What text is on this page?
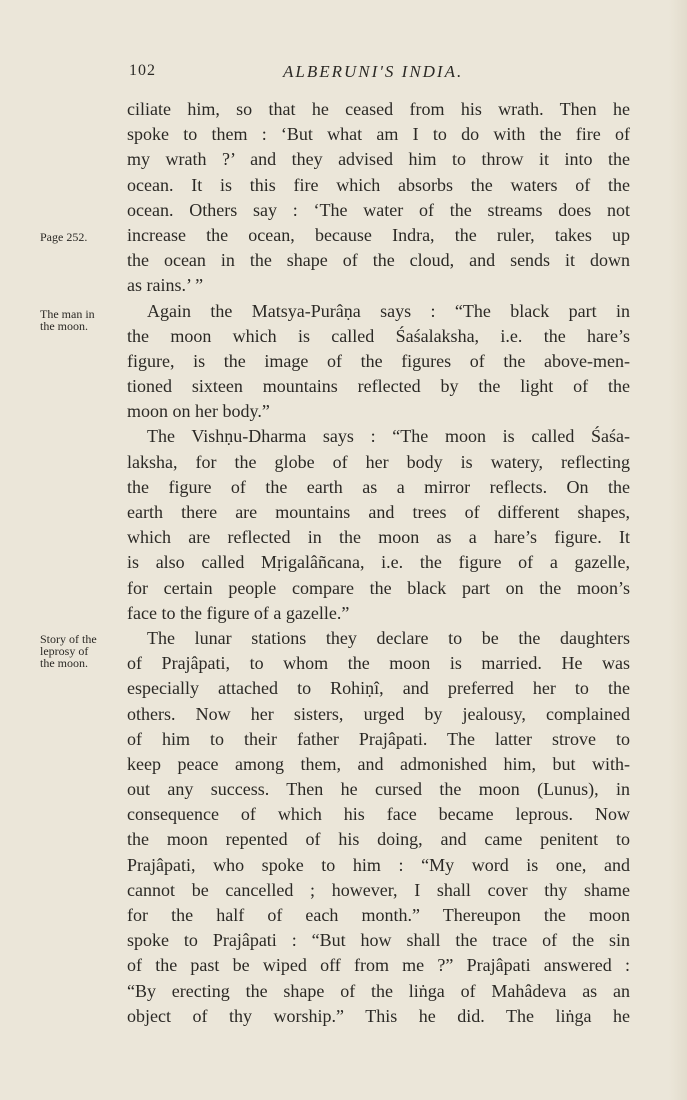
102	ALBERUNI'S INDIA.
Page 252.
The man in
the moon.
Story of the
leprosy of
the moon.
ciliate him, so that he ceased from his wrath. Then he
spoke to them : ‘But what am I to do with the fire of
my wrath ?’ and they advised him to throw it into the
ocean. It is this fire which absorbs the waters of the
ocean. Others say : ‘The water of the streams does not
increase the ocean, because Indra, the ruler, takes up
the ocean in the shape of the cloud, and sends it down
as rains.’ ”
Again the Matsya-Purâṇa says : “The black part in
the moon which is called Śaśalaksha, i.e. the hare’s
figure, is the image of the figures of the above-men-
tioned sixteen mountains reflected by the light of the
moon on her body.”
The Vishṇu-Dharma says : “The moon is called Śaśa-
laksha, for the globe of her body is watery, reflecting
the figure of the earth as a mirror reflects. On the
earth there are mountains and trees of different shapes,
which are reflected in the moon as a hare’s figure. It
is also called Mṛigalâñcana, i.e. the figure of a gazelle,
for certain people compare the black part on the moon’s
face to the figure of a gazelle.”
The lunar stations they declare to be the daughters
of Prajâpati, to whom the moon is married. He was
especially attached to Rohiṇî, and preferred her to the
others. Now her sisters, urged by jealousy, complained
of him to their father Prajâpati. The latter strove to
keep peace among them, and admonished him, but with-
out any success. Then he cursed the moon (Lunus), in
consequence of which his face became leprous. Now
the moon repented of his doing, and came penitent to
Prajâpati, who spoke to him : “My word is one, and
cannot be cancelled ; however, I shall cover thy shame
for the half of each month.” Thereupon the moon
spoke to Prajâpati : “But how shall the trace of the sin
of the past be wiped off from me ?” Prajâpati answered :
“By erecting the shape of the liṅga of Mahâdeva as an
object of thy worship.” This he did. The liṅga he
